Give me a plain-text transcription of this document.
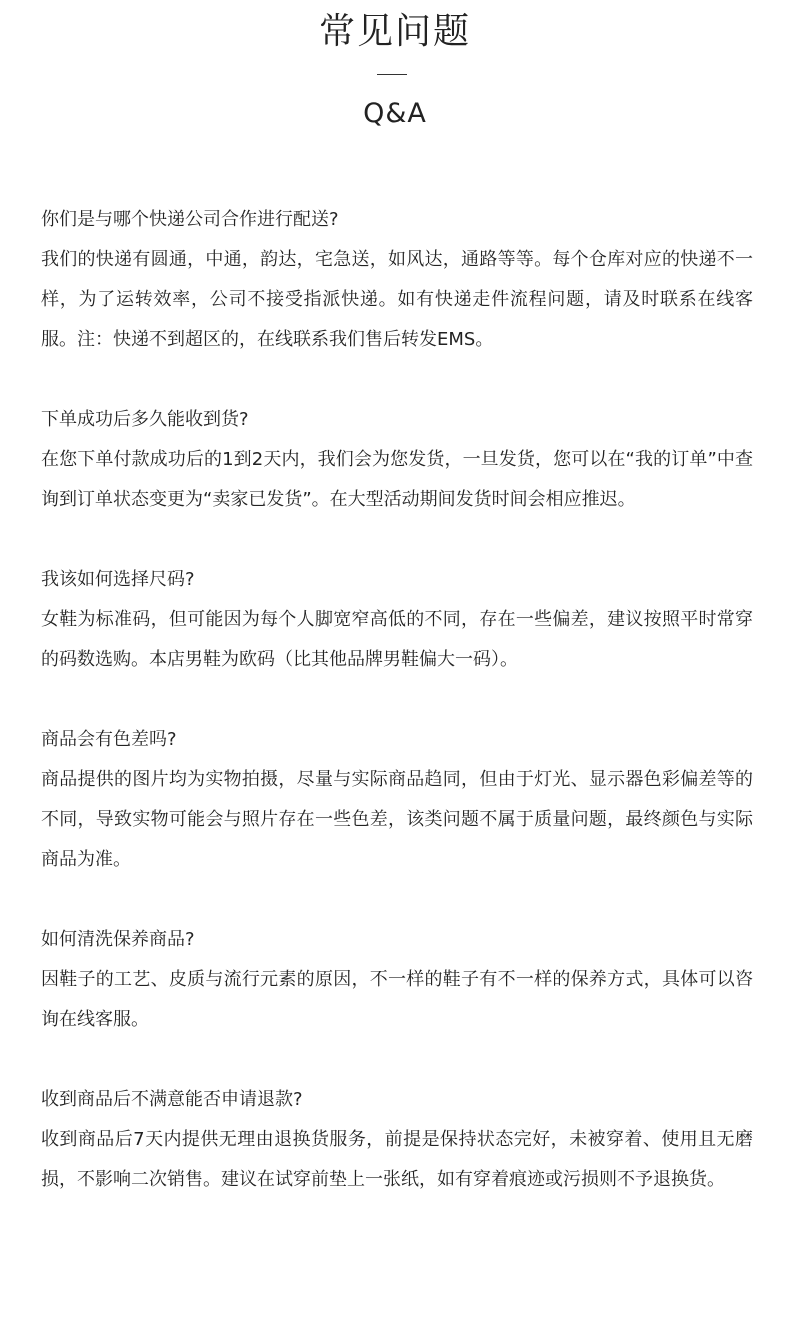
常见问题
Q&A

你们是与哪个快递公司合作进行配送?

我们的快递有圆通，中通，韵达，宅急送，如风达，通路等等。每个仓库对应的快递不一样，为了运转效率，公司不接受指派快递。如有快递走件流程问题，请及时联系在线客服。注：快递不到超区的，在线联系我们售后转发EMS。

下单成功后多久能收到货?

在您下单付款成功后的1到2天内，我们会为您发货，一旦发货，您可以在“我的订单”中查询到订单状态变更为“卖家已发货”。在大型活动期间发货时间会相应推迟。

我该如何选择尺码?

女鞋为标准码，但可能因为每个人脚宽窄高低的不同，存在一些偏差，建议按照平时常穿的码数选购。本店男鞋为欧码（比其他品牌男鞋偏大一码）。

商品会有色差吗?

商品提供的图片均为实物拍摄，尽量与实际商品趋同，但由于灯光、显示器色彩偏差等的不同，导致实物可能会与照片存在一些色差，该类问题不属于质量问题，最终颜色与实际商品为准。

如何清洗保养商品?

因鞋子的工艺、皮质与流行元素的原因，不一样的鞋子有不一样的保养方式，具体可以咨询在线客服。

收到商品后不满意能否申请退款?

收到商品后7天内提供无理由退换货服务，前提是保持状态完好，未被穿着、使用且无磨损，不影响二次销售。建议在试穿前垫上一张纸，如有穿着痕迹或污损则不予退换货。
